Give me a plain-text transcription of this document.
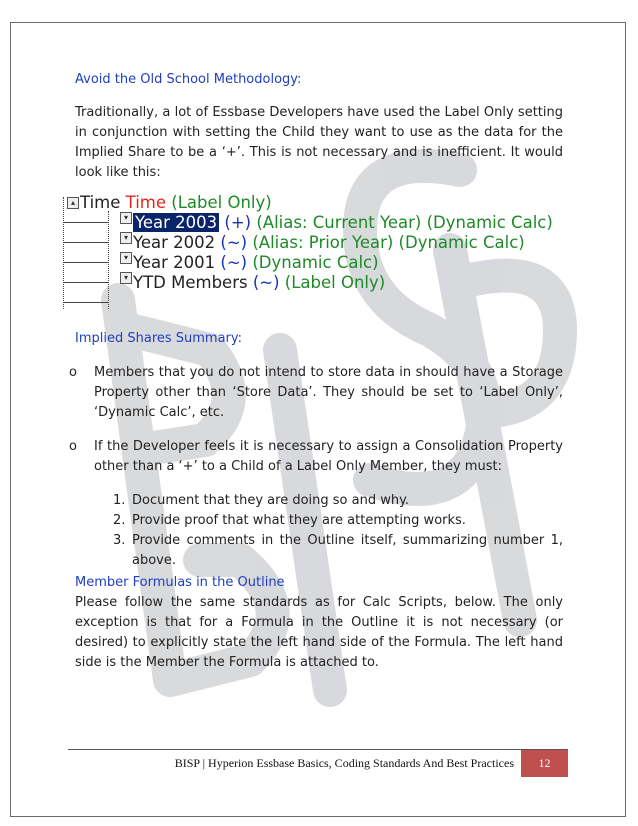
Avoid the Old School Methodology:

Traditionally, a lot of Essbase Developers have used the Label Only setting in conjunction with setting the Child they want to use as the data for the Implied Share to be a ‘+’. This is not necessary and is inefficient. It would look like this:

▴ Time Time (Label Only)
▾ Year 2003 (+) (Alias: Current Year) (Dynamic Calc)
▾ Year 2002 (~) (Alias: Prior Year) (Dynamic Calc)
▾ Year 2001 (~) (Dynamic Calc)
▾ YTD Members (~) (Label Only)

Implied Shares Summary:

o Members that you do not intend to store data in should have a Storage Property other than ‘Store Data’. They should be set to ‘Label Only’, ‘Dynamic Calc’, etc.
o If the Developer feels it is necessary to assign a Consolidation Property other than a ‘+’ to a Child of a Label Only Member, they must:
1. Document that they are doing so and why.
2. Provide proof that what they are attempting works.
3. Provide comments in the Outline itself, summarizing number 1, above.

Member Formulas in the Outline

Please follow the same standards as for Calc Scripts, below. The only exception is that for a Formula in the Outline it is not necessary (or desired) to explicitly state the left hand side of the Formula. The left hand side is the Member the Formula is attached to.

BISP | Hyperion Essbase Basics, Coding Standards And Best Practices	12
